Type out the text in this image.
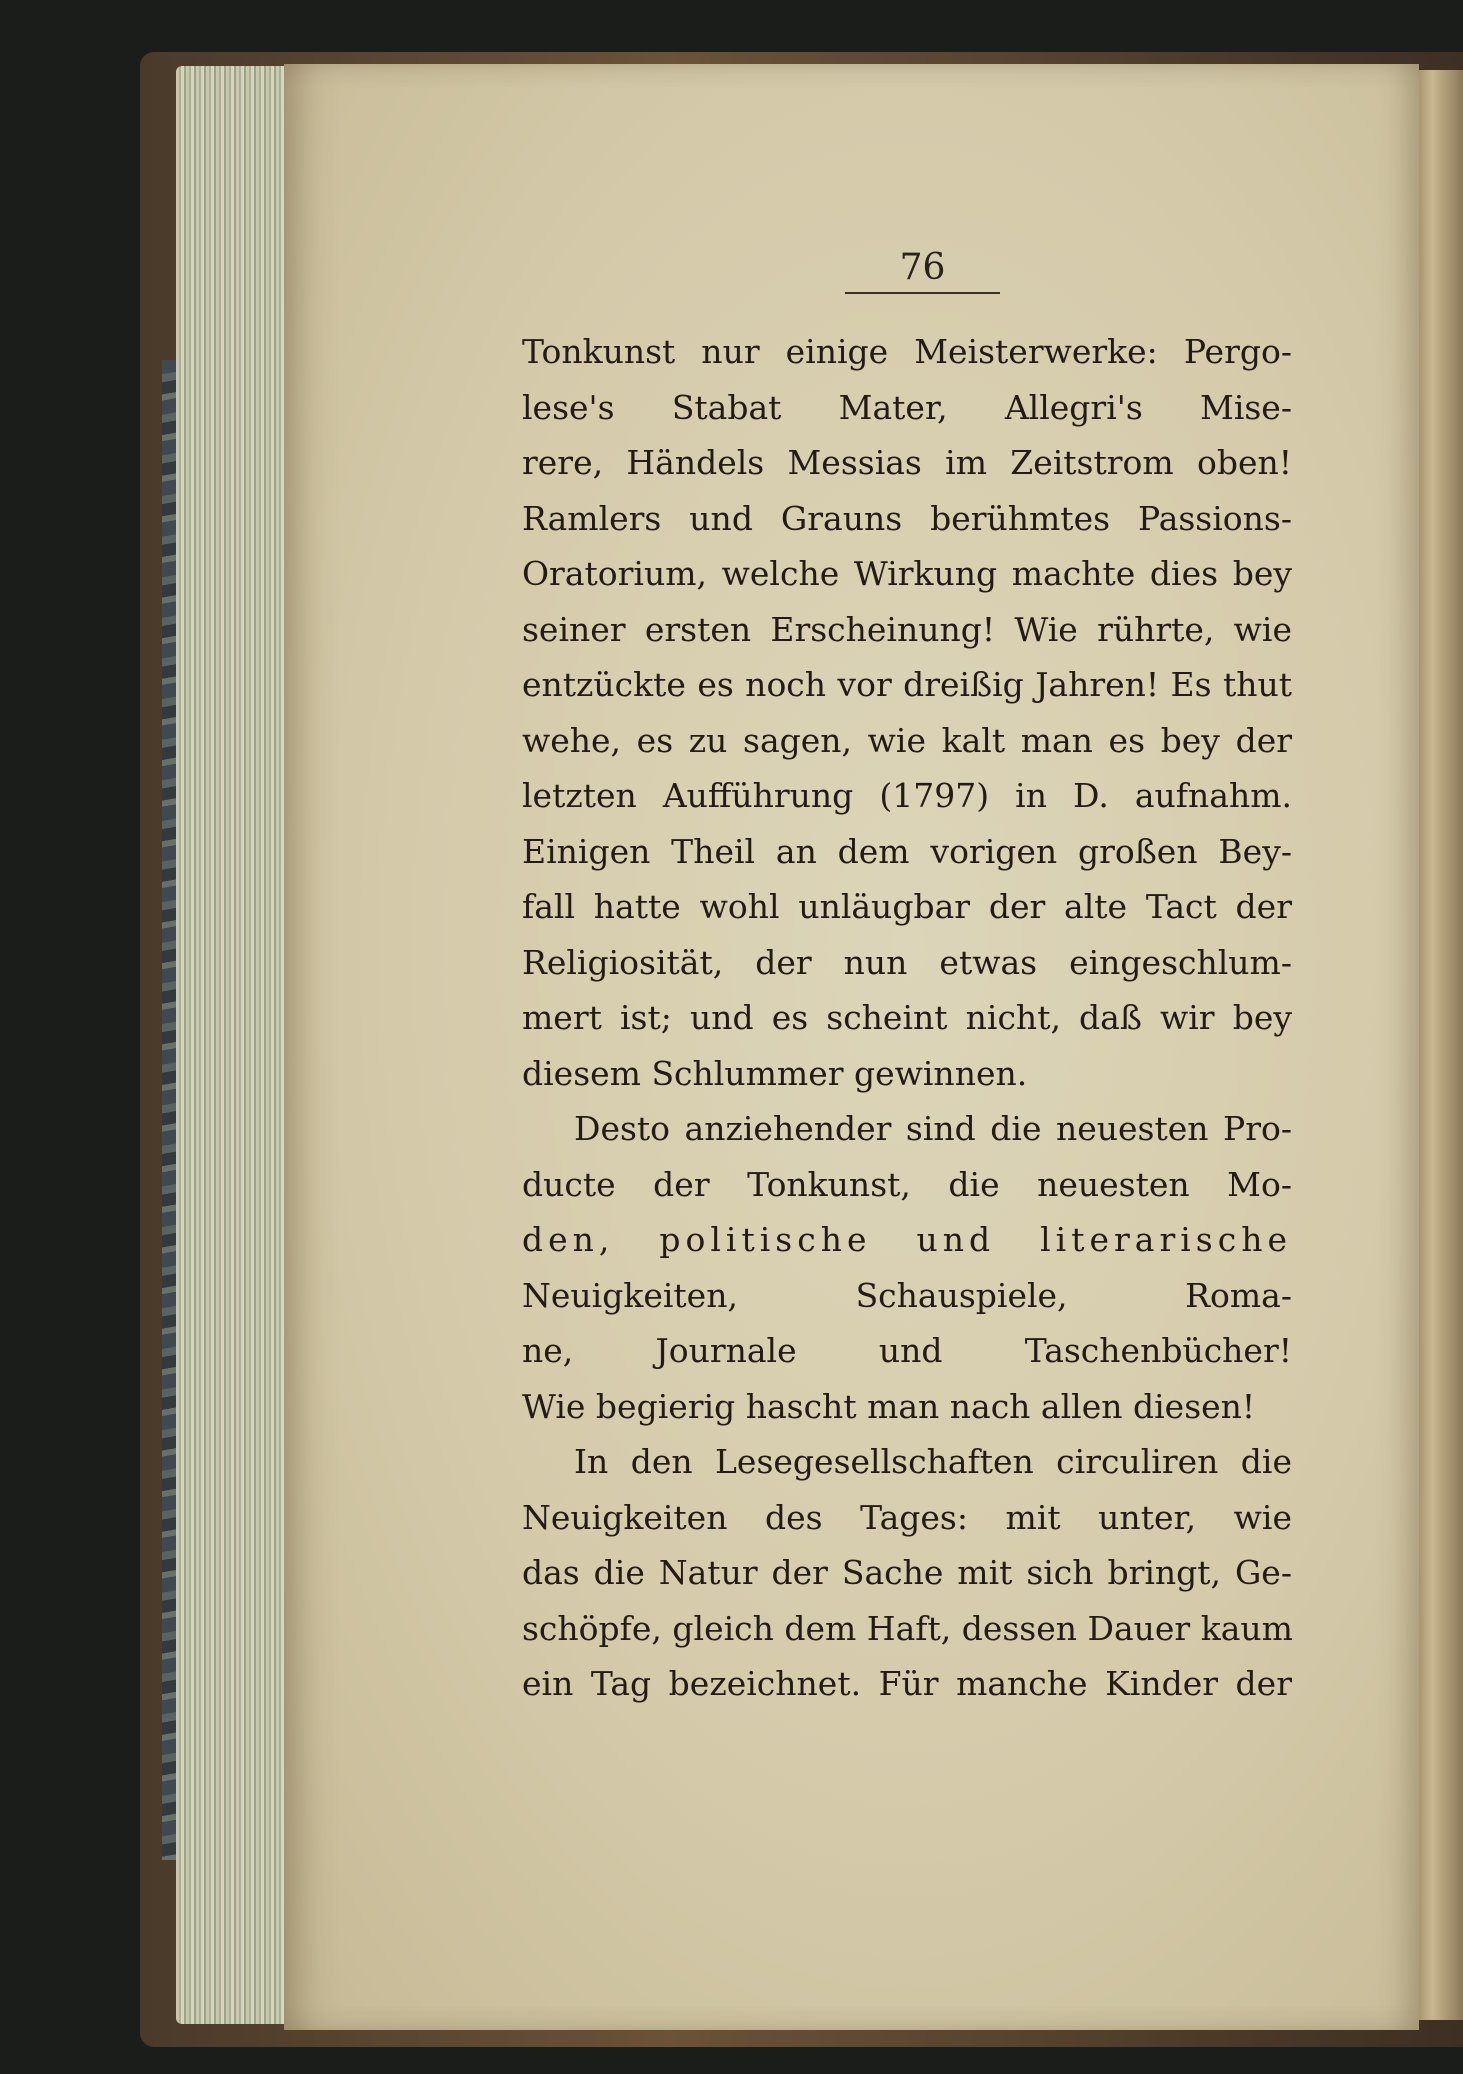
76
Tonkunst nur einige Meisterwerke: Pergo-
lese's Stabat Mater, Allegri's Mise-
rere, Händels Messias im Zeitstrom oben!
Ramlers und Grauns berühmtes Passions-
Oratorium, welche Wirkung machte dies bey
seiner ersten Erscheinung! Wie rührte, wie
entzückte es noch vor dreißig Jahren! Es thut
wehe, es zu sagen, wie kalt man es bey der
letzten Aufführung (1797) in D. aufnahm.
Einigen Theil an dem vorigen großen Bey-
fall hatte wohl unläugbar der alte Tact der
Religiosität, der nun etwas eingeschlum-
mert ist; und es scheint nicht, daß wir bey
diesem Schlummer gewinnen.
Desto anziehender sind die neuesten Pro-
ducte der Tonkunst, die neuesten Mo-
den, politische und literarische
Neuigkeiten, Schauspiele, Roma-
ne, Journale und Taschenbücher!
Wie begierig hascht man nach allen diesen!
In den Lesegesellschaften circuliren die
Neuigkeiten des Tages: mit unter, wie
das die Natur der Sache mit sich bringt, Ge-
schöpfe, gleich dem Haft, dessen Dauer kaum
ein Tag bezeichnet. Für manche Kinder der
